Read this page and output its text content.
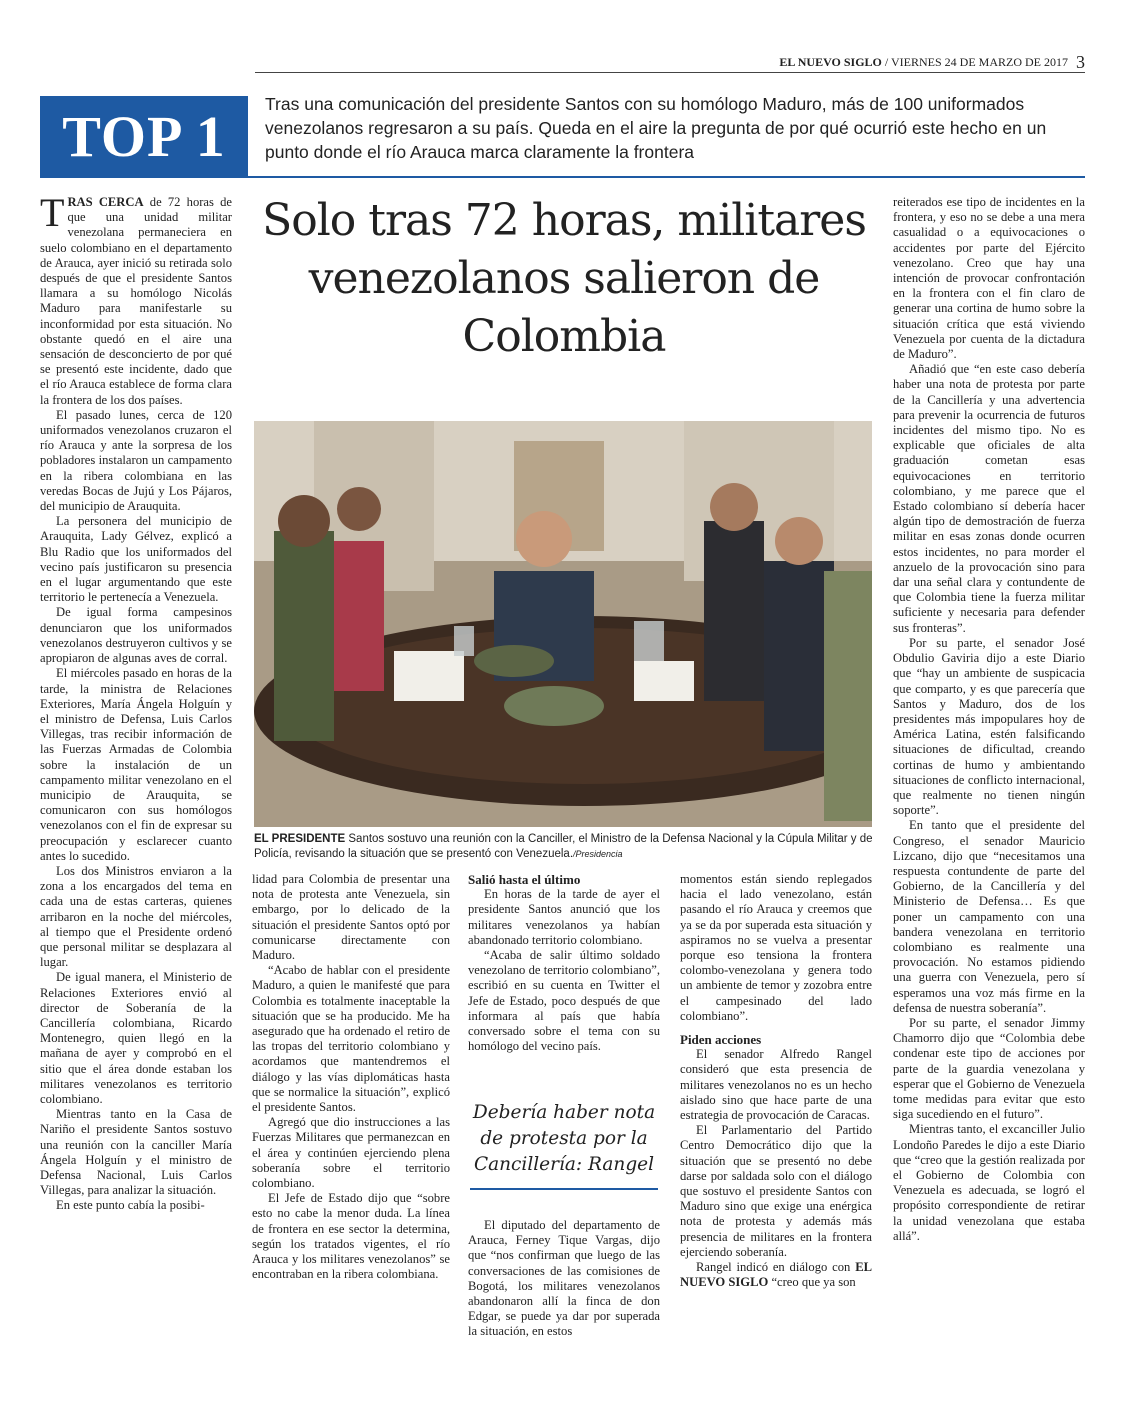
EL NUEVO SIGLO / VIERNES 24 DE MARZO DE 2017 3
TOP 1	Tras una comunicación del presidente Santos con su homólogo Maduro, más de 100 uniformados venezolanos regresaron a su país. Queda en el aire la pregunta de por qué ocurrió este hecho en un punto donde el río Arauca marca claramente la frontera
Solo tras 72 horas, militares venezolanos salieron de Colombia

TRAS CERCA de 72 horas de que una unidad militar venezolana permaneciera en suelo colombiano en el departamento de Arauca, ayer inició su retirada solo después de que el presidente Santos llamara a su homólogo Nicolás Maduro para manifestarle su inconformidad por esta situación. No obstante quedó en el aire una sensación de desconcierto de por qué se presentó este incidente, dado que el río Arauca establece de forma clara la frontera de los dos países.

El pasado lunes, cerca de 120 uniformados venezolanos cruzaron el río Arauca y ante la sorpresa de los pobladores instalaron un campamento en la ribera colombiana en las veredas Bocas de Jujú y Los Pájaros, del municipio de Arauquita.

La personera del municipio de Arauquita, Lady Gélvez, explicó a Blu Radio que los uniformados del vecino país justificaron su presencia en el lugar argumentando que este territorio le pertenecía a Venezuela.

De igual forma campesinos denunciaron que los uniformados venezolanos destruyeron cultivos y se apropiaron de algunas aves de corral.

El miércoles pasado en horas de la tarde, la ministra de Relaciones Exteriores, María Ángela Holguín y el ministro de Defensa, Luis Carlos Villegas, tras recibir información de las Fuerzas Armadas de Colombia sobre la instalación de un campamento militar venezolano en el municipio de Arauquita, se comunicaron con sus homólogos venezolanos con el fin de expresar su preocupación y esclarecer cuanto antes lo sucedido.

Los dos Ministros enviaron a la zona a los encargados del tema en cada una de estas carteras, quienes arribaron en la noche del miércoles, al tiempo que el Presidente ordenó que personal militar se desplazara al lugar.

De igual manera, el Ministerio de Relaciones Exteriores envió al director de Soberanía de la Cancillería colombiana, Ricardo Montenegro, quien llegó en la mañana de ayer y comprobó en el sitio que el área donde estaban los militares venezolanos es territorio colombiano.

Mientras tanto en la Casa de Nariño el presidente Santos sostuvo una reunión con la canciller María Ángela Holguín y el ministro de Defensa Nacional, Luis Carlos Villegas, para analizar la situación.

En este punto cabía la posibi-

EL PRESIDENTE Santos sostuvo una reunión con la Canciller, el Ministro de la Defensa Nacional y la Cúpula Militar y de Policía, revisando la situación que se presentó con Venezuela./Presidencia

lidad para Colombia de presentar una nota de protesta ante Venezuela, sin embargo, por lo delicado de la situación el presidente Santos optó por comunicarse directamente con Maduro.

“Acabo de hablar con el presidente Maduro, a quien le manifesté que para Colombia es totalmente inaceptable la situación que se ha producido. Me ha asegurado que ha ordenado el retiro de las tropas del territorio colombiano y acordamos que mantendremos el diálogo y las vías diplomáticas hasta que se normalice la situación”, explicó el presidente Santos.

Agregó que dio instrucciones a las Fuerzas Militares que permanezcan en el área y continúen ejerciendo plena soberanía sobre el territorio colombiano.

El Jefe de Estado dijo que “sobre esto no cabe la menor duda. La línea de frontera en ese sector la determina, según los tratados vigentes, el río Arauca y los militares venezolanos” se encontraban en la ribera colombiana.

Salió hasta el último

En horas de la tarde de ayer el presidente Santos anunció que los militares venezolanos ya habían abandonado territorio colombiano.

“Acaba de salir último soldado venezolano de territorio colombiano”, escribió en su cuenta en Twitter el Jefe de Estado, poco después de que informara al país que había conversado sobre el tema con su homólogo del vecino país.

Debería haber nota de protesta por la Cancillería: Rangel

El diputado del departamento de Arauca, Ferney Tique Vargas, dijo que “nos confirman que luego de las conversaciones de las comisiones de Bogotá, los militares venezolanos abandonaron allí la finca de don Edgar, se puede ya dar por superada la situación, en estos

momentos están siendo replegados hacia el lado venezolano, están pasando el río Arauca y creemos que ya se da por superada esta situación y aspiramos no se vuelva a presentar porque eso tensiona la frontera colombo-venezolana y genera todo un ambiente de temor y zozobra entre el campesinado del lado colombiano”.

Piden acciones

El senador Alfredo Rangel consideró que esta presencia de militares venezolanos no es un hecho aislado sino que hace parte de una estrategia de provocación de Caracas.

El Parlamentario del Partido Centro Democrático dijo que la situación que se presentó no debe darse por saldada solo con el diálogo que sostuvo el presidente Santos con Maduro sino que exige una enérgica nota de protesta y además más presencia de militares en la frontera ejerciendo soberanía.

Rangel indicó en diálogo con EL NUEVO SIGLO “creo que ya son

reiterados ese tipo de incidentes en la frontera, y eso no se debe a una mera casualidad o a equivocaciones o accidentes por parte del Ejército venezolano. Creo que hay una intención de provocar confrontación en la frontera con el fin claro de generar una cortina de humo sobre la situación crítica que está viviendo Venezuela por cuenta de la dictadura de Maduro”.

Añadió que “en este caso debería haber una nota de protesta por parte de la Cancillería y una advertencia para prevenir la ocurrencia de futuros incidentes del mismo tipo. No es explicable que oficiales de alta graduación cometan esas equivocaciones en territorio colombiano, y me parece que el Estado colombiano sí debería hacer algún tipo de demostración de fuerza militar en esas zonas donde ocurren estos incidentes, no para morder el anzuelo de la provocación sino para dar una señal clara y contundente de que Colombia tiene la fuerza militar suficiente y necesaria para defender sus fronteras”.

Por su parte, el senador José Obdulio Gaviria dijo a este Diario que “hay un ambiente de suspicacia que comparto, y es que parecería que Santos y Maduro, dos de los presidentes más impopulares hoy de América Latina, estén falsificando situaciones de dificultad, creando cortinas de humo y ambientando situaciones de conflicto internacional, que realmente no tienen ningún soporte”.

En tanto que el presidente del Congreso, el senador Mauricio Lizcano, dijo que “necesitamos una respuesta contundente de parte del Gobierno, de la Cancillería y del Ministerio de Defensa… Es que poner un campamento con una bandera venezolana en territorio colombiano es realmente una provocación. No estamos pidiendo una guerra con Venezuela, pero sí esperamos una voz más firme en la defensa de nuestra soberanía”.

Por su parte, el senador Jimmy Chamorro dijo que “Colombia debe condenar este tipo de acciones por parte de la guardia venezolana y esperar que el Gobierno de Venezuela tome medidas para evitar que esto siga sucediendo en el futuro”.

Mientras tanto, el excanciller Julio Londoño Paredes le dijo a este Diario que “creo que la gestión realizada por el Gobierno de Colombia con Venezuela es adecuada, se logró el propósito correspondiente de retirar la unidad venezolana que estaba allá”.
